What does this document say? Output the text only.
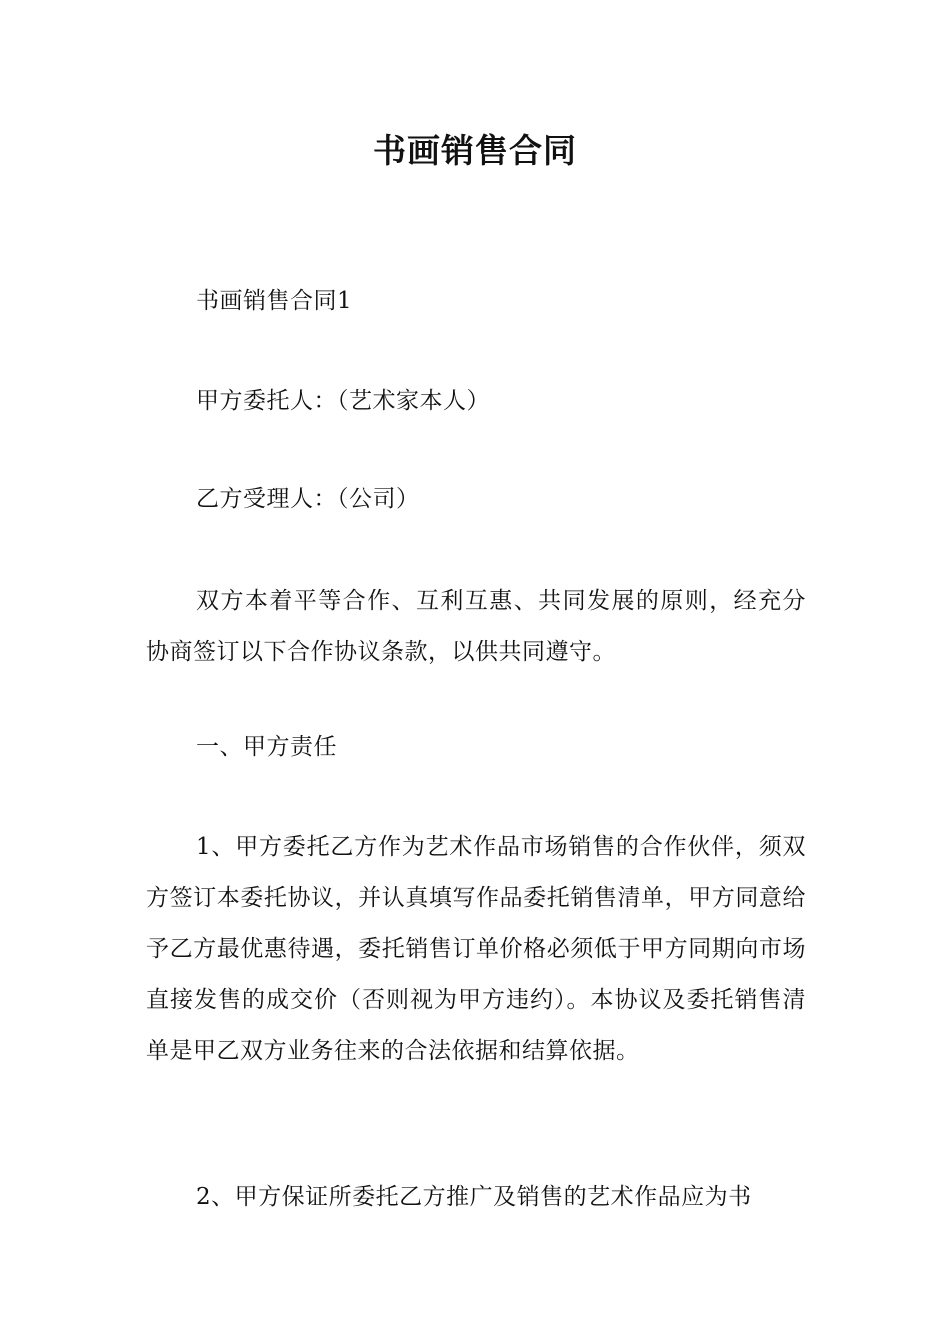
书画销售合同

书画销售合同1

甲方委托人：（艺术家本人）

乙方受理人：（公司）

双方本着平等合作、互利互惠、共同发展的原则，经充分协商签订以下合作协议条款，以供共同遵守。

一、甲方责任

1、甲方委托乙方作为艺术作品市场销售的合作伙伴，须双方签订本委托协议，并认真填写作品委托销售清单，甲方同意给予乙方最优惠待遇，委托销售订单价格必须低于甲方同期向市场直接发售的成交价（否则视为甲方违约）。本协议及委托销售清单是甲乙双方业务往来的合法依据和结算依据。

2、甲方保证所委托乙方推广及销售的艺术作品应为书
